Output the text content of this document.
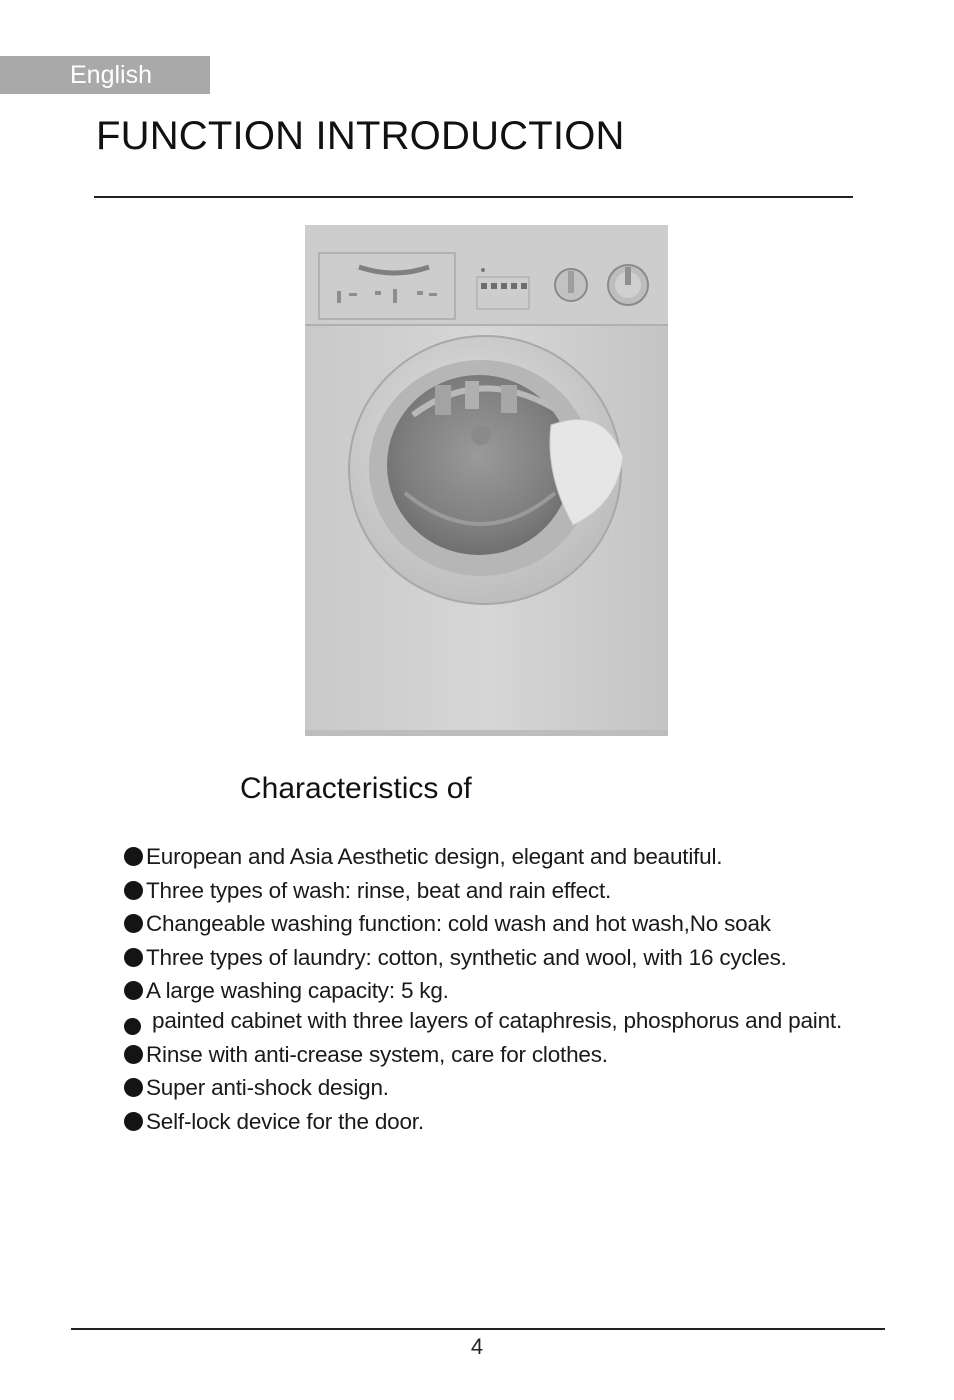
English
FUNCTION INTRODUCTION
Characteristics of
European and Asia Aesthetic design, elegant and beautiful.
Three types of wash: rinse, beat and rain effect.
Changeable washing function: cold wash and hot wash,No soak
Three types of laundry: cotton, synthetic and wool, with 16 cycles.
A large washing capacity: 5 kg.
painted cabinet with three layers of cataphresis, phosphorus and paint.
Rinse with anti-crease system, care for clothes.
Super anti-shock design.
Self-lock device for the door.
4
